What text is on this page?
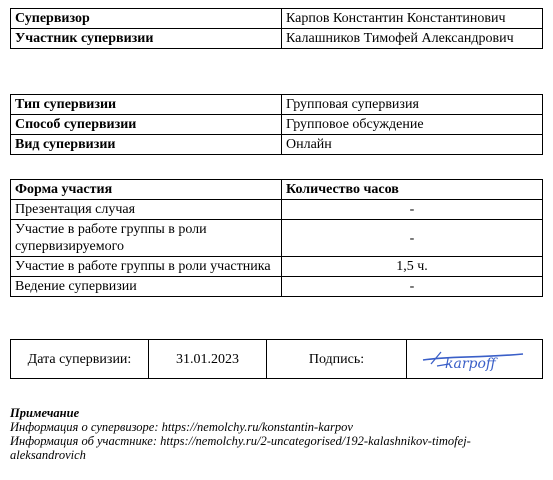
Супервизор	Карпов Константин Константинович
Участник супервизии	Калашников Тимофей Александрович
Тип супервизии	Групповая супервизия
Способ супервизии	Групповое обсуждение
Вид супервизии	Онлайн
Форма участия	Количество часов
Презентация случая	-
Участие в работе группы в роли супервизируемого	-
Участие в работе группы в роли участника	1,5 ч.
Ведение супервизии	-
Дата супервизии:	31.01.2023	Подпись:	karpoff
Примечание
Информация о супервизоре: https://nemolchy.ru/konstantin-karpov
Информация об участнике: https://nemolchy.ru/2-uncategorised/192-kalashnikov-timofej-aleksandrovich
